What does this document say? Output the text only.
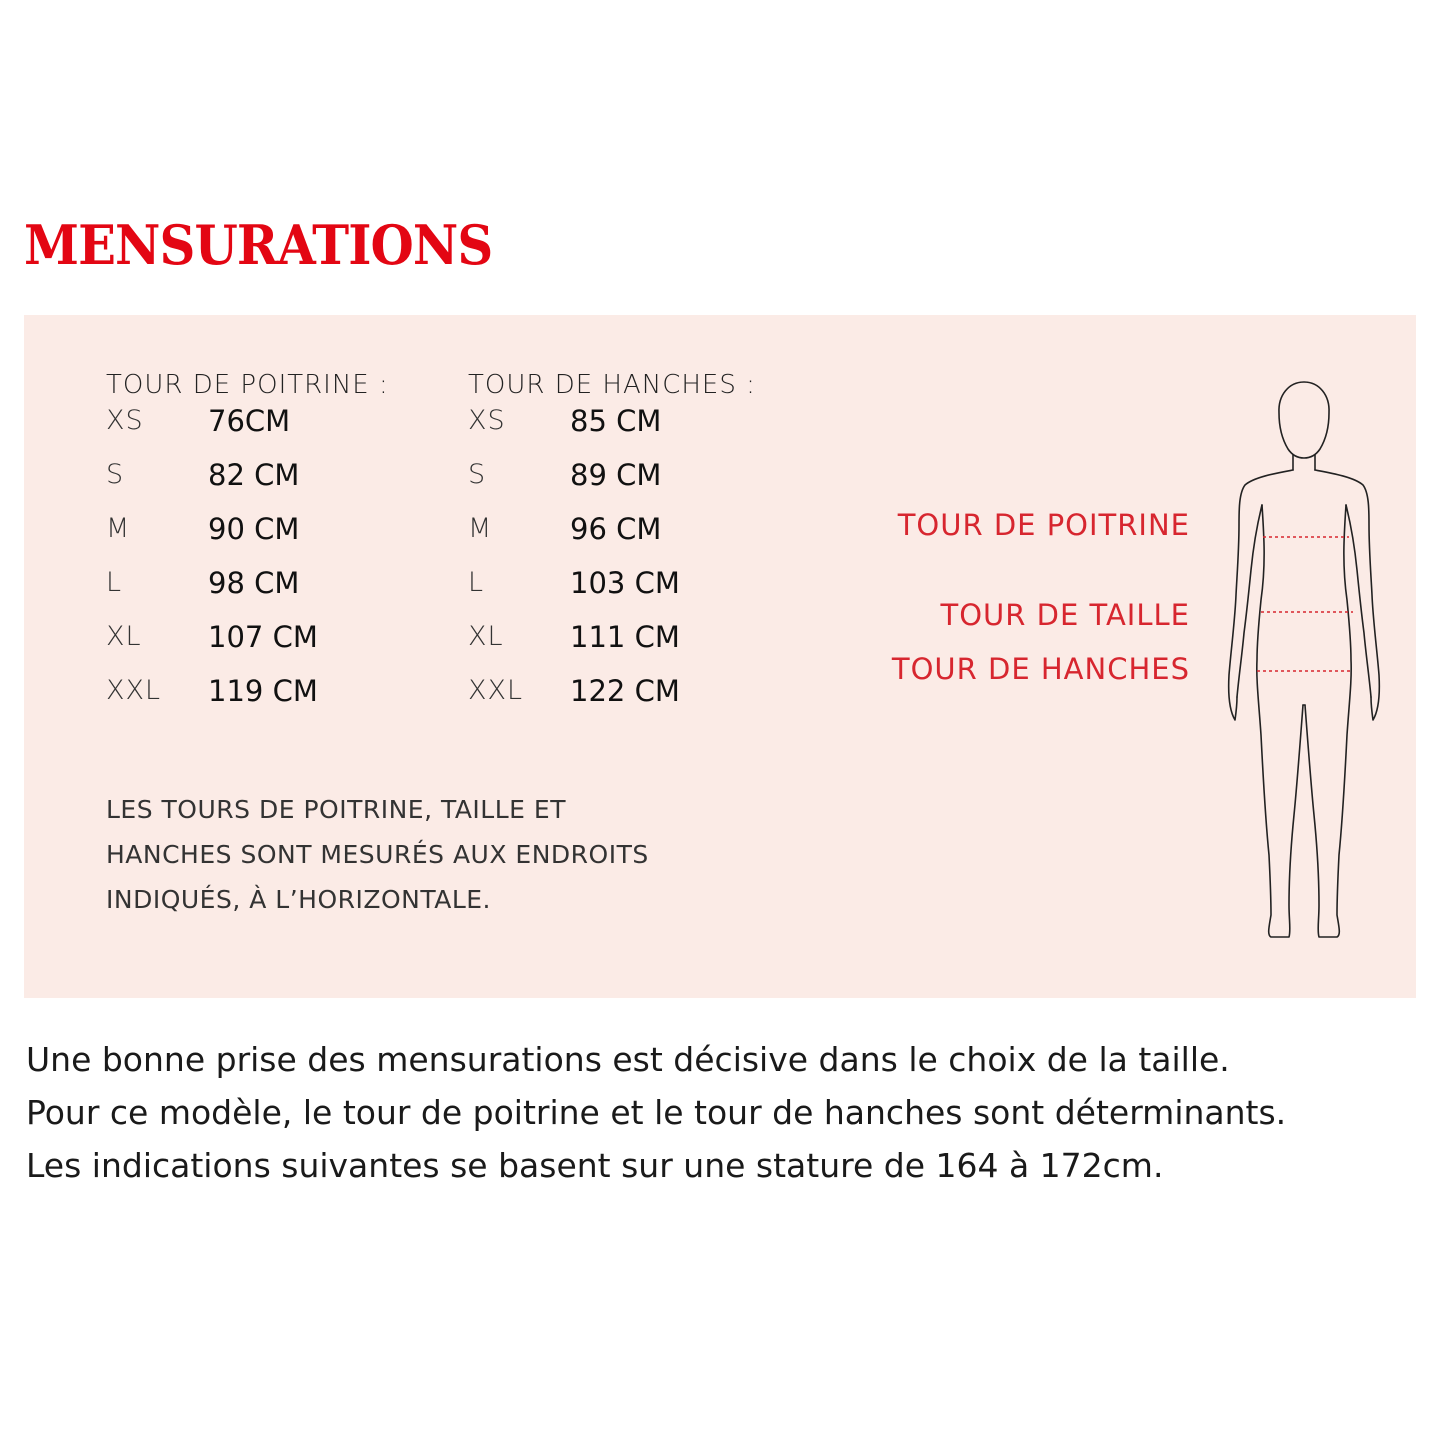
MENSURATIONS
TOUR DE POITRINE :
XS 76CM
S	82 CM
M	90 CM
L	98 CM
XL 107 CM
XXL 119 CM
TOUR DE HANCHES :
XS 85 CM
S	89 CM
M	96 CM
L	103 CM
XL 111 CM
XXL 122 CM
LES TOURS DE POITRINE, TAILLE ET
HANCHES SONT MESURÉS AUX ENDROITS
INDIQUÉS, À L’HORIZONTALE.
TOUR DE POITRINE
TOUR DE TAILLE
TOUR DE HANCHES
Une bonne prise des mensurations est décisive dans le choix de la taille.
Pour ce modèle, le tour de poitrine et le tour de hanches sont déterminants.
Les indications suivantes se basent sur une stature de 164 à 172cm.
